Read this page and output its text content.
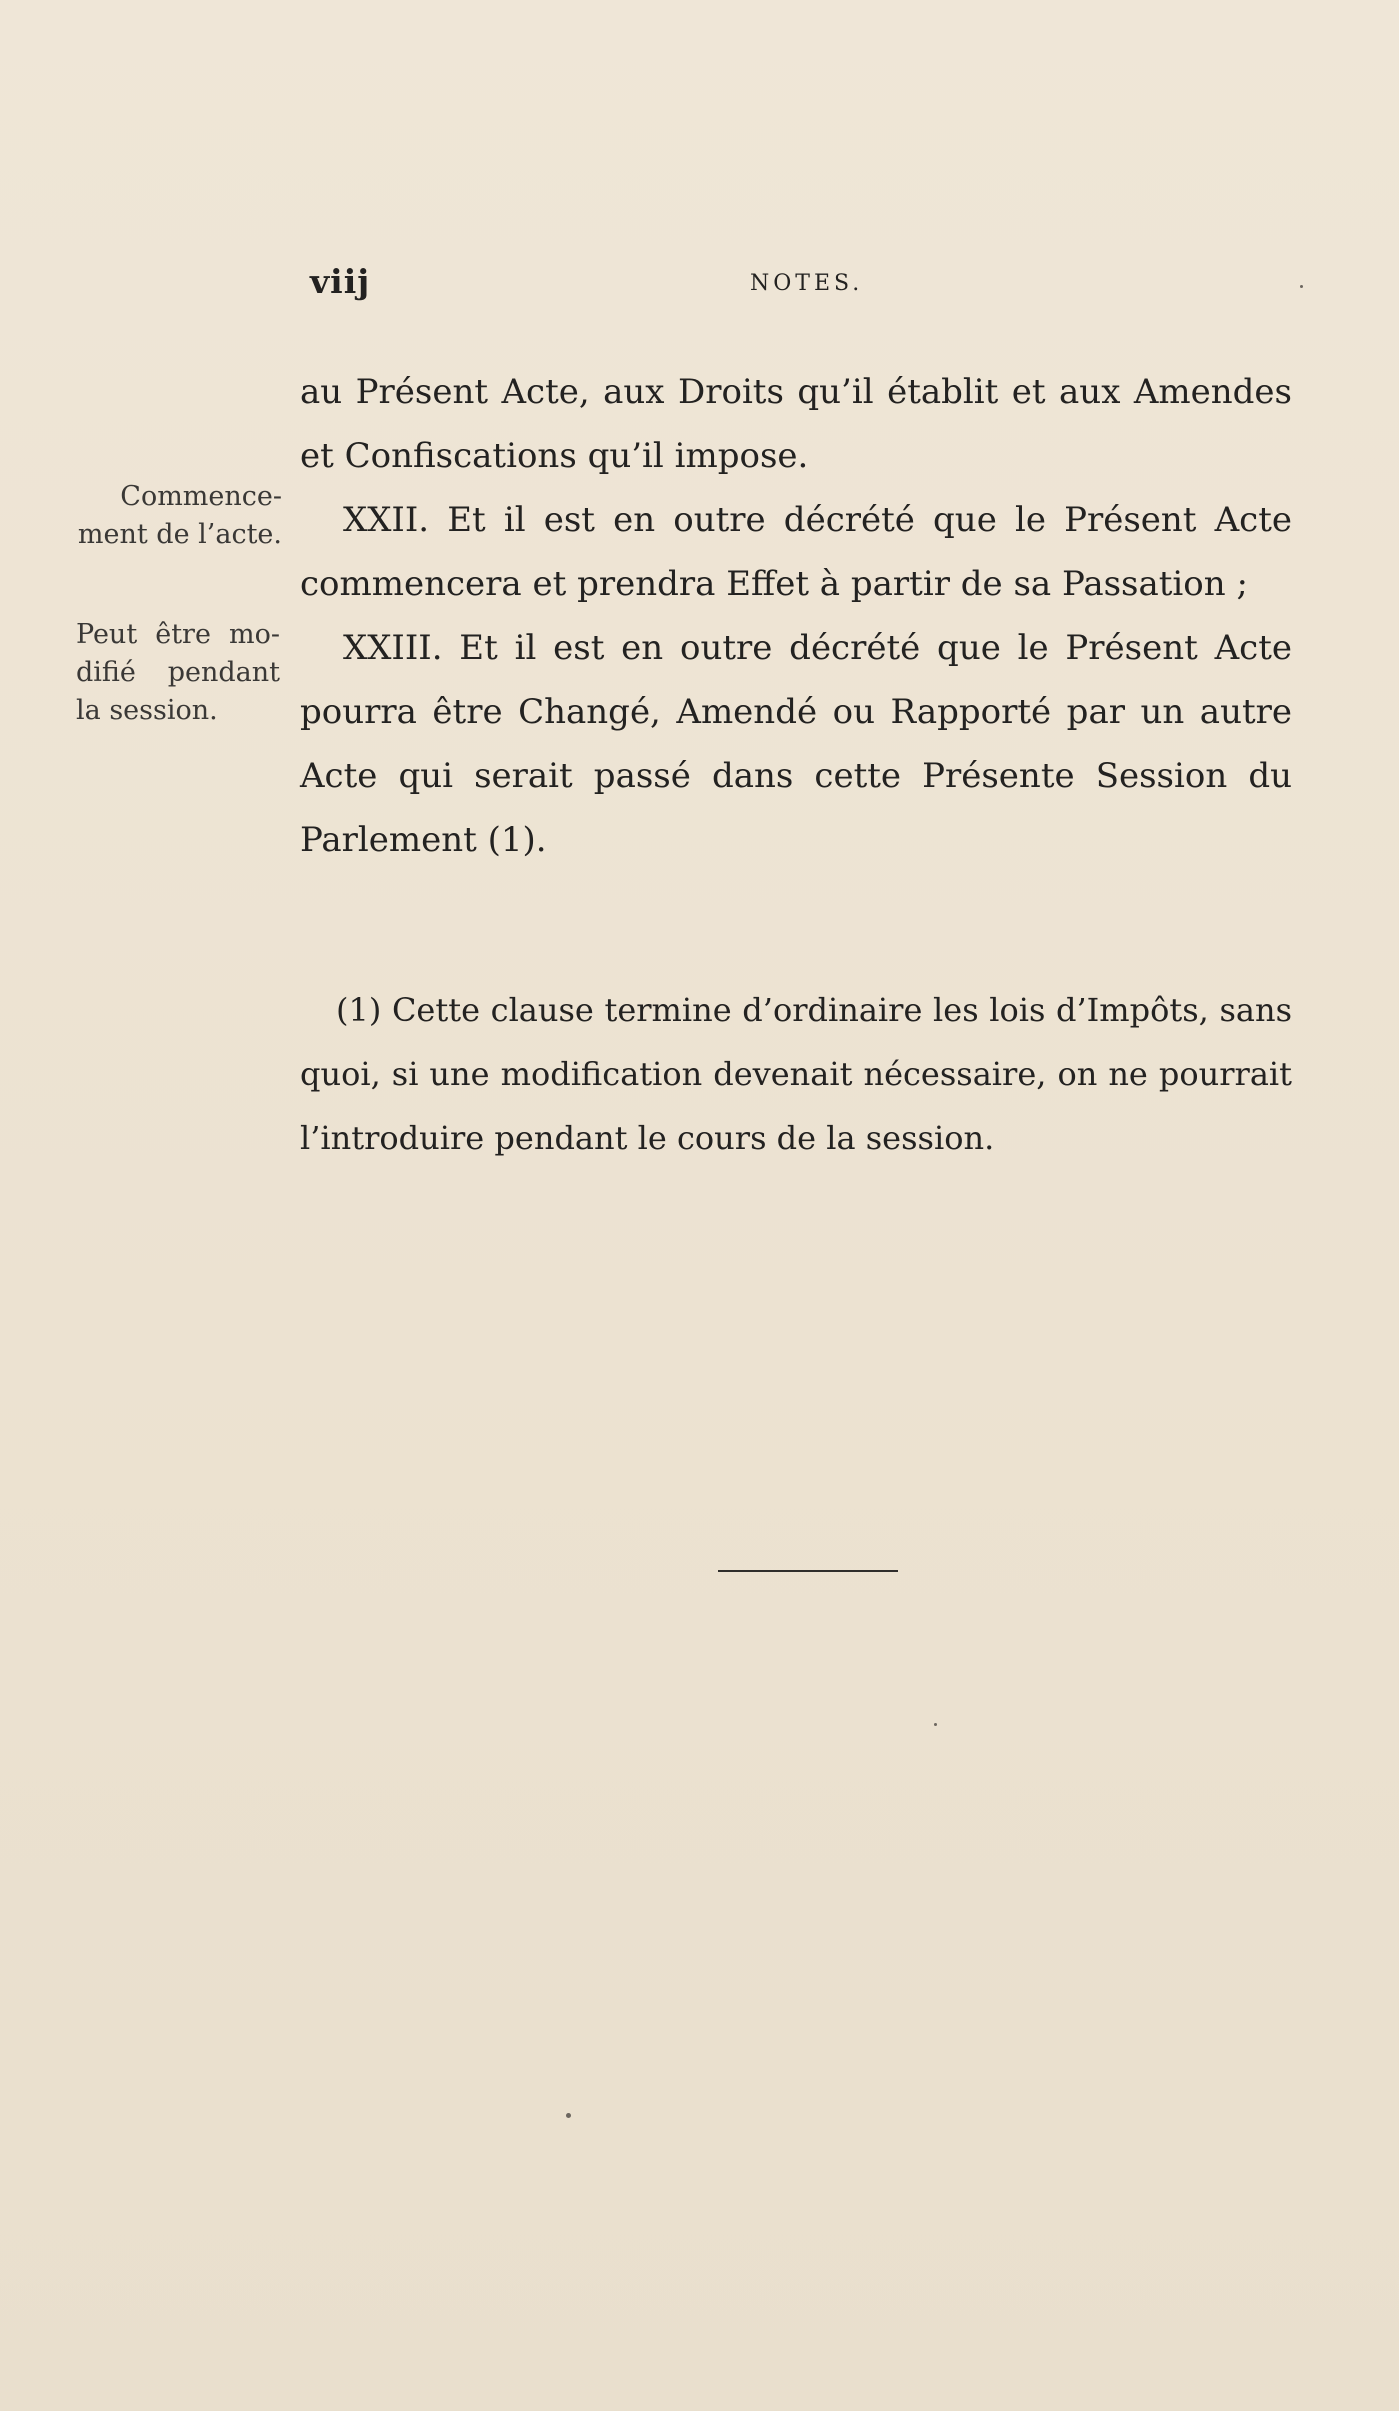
viij	NOTES.
Commence-ment de l’acte.
Peut être mo-difié pendant la session.

au Présent Acte, aux Droits qu’il établit et aux Amendes et Confiscations qu’il impose.

XXII. Et il est en outre décrété que le Présent Acte commencera et prendra Effet à partir de sa Passation ;

XXIII. Et il est en outre décrété que le Présent Acte pourra être Changé, Amendé ou Rapporté par un autre Acte qui serait passé dans cette Présente Session du Parlement (1).

(1) Cette clause termine d’ordinaire les lois d’Impôts, sans quoi, si une modification devenait nécessaire, on ne pourrait l’introduire pendant le cours de la session.
